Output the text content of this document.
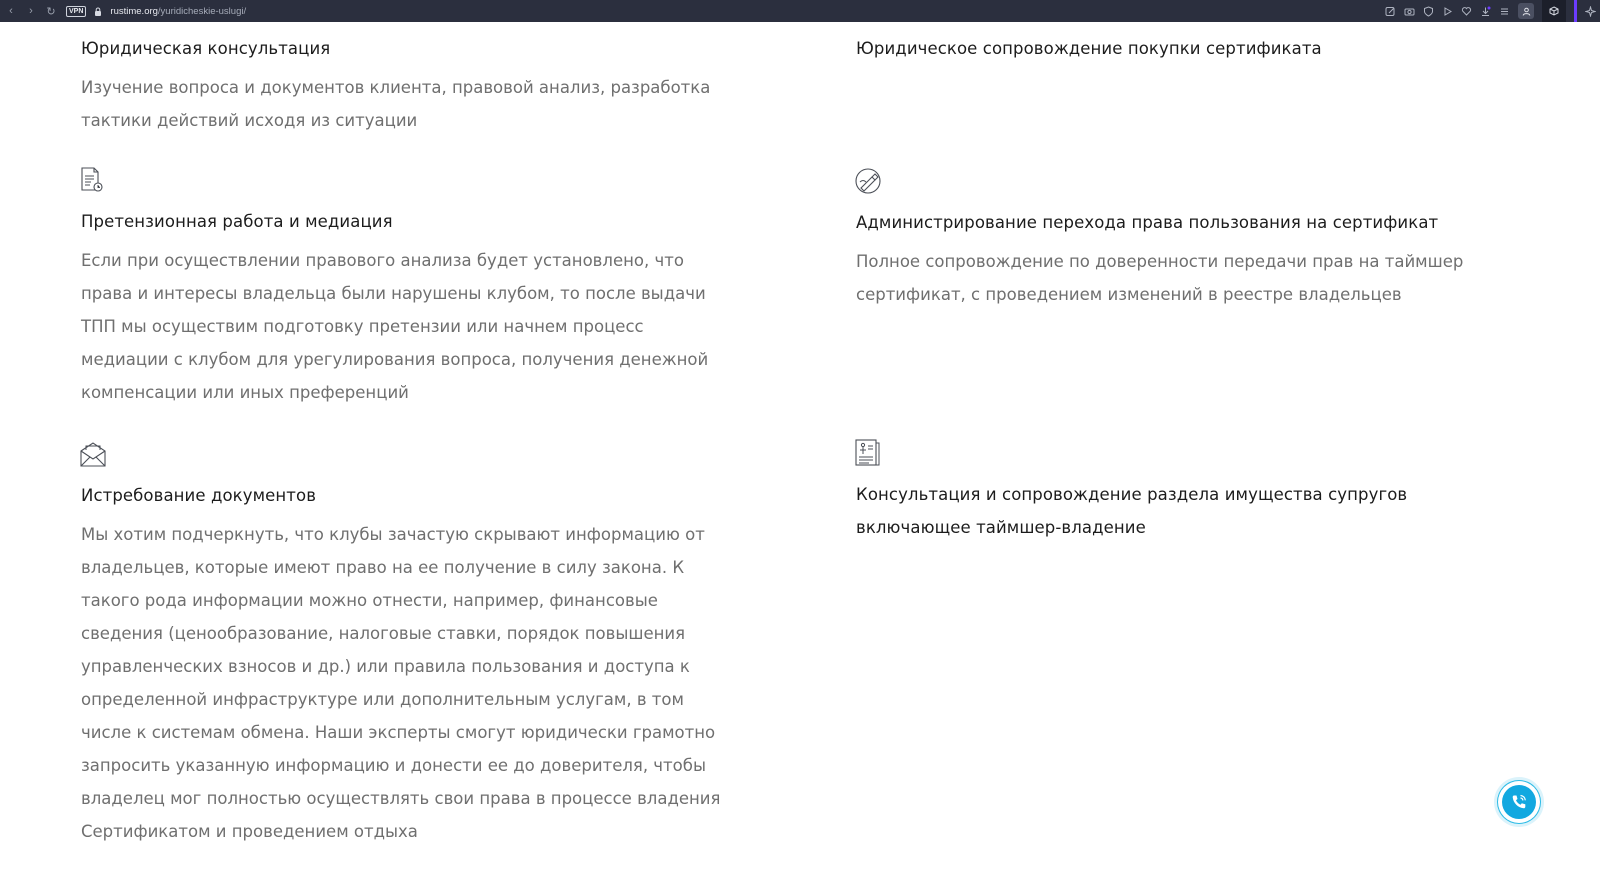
‹ › ↻	VPN	rustime.org/yuridicheskie-uslugi/
Юридическая консультация

Изучение вопроса и документов клиента, правовой анализ, разработка
тактики действий исходя из ситуации

Претензионная работа и медиация

Если при осуществлении правового анализа будет установлено, что
права и интересы владельца были нарушены клубом, то после выдачи
ТПП мы осуществим подготовку претензии или начнем процесс
медиации с клубом для урегулирования вопроса, получения денежной
компенсации или иных преференций

Истребование документов

Мы хотим подчеркнуть, что клубы зачастую скрывают информацию от
владельцев, которые имеют право на ее получение в силу закона. К
такого рода информации можно отнести, например, финансовые
сведения (ценообразование, налоговые ставки, порядок повышения
управленческих взносов и др.) или правила пользования и доступа к
определенной инфраструктуре или дополнительным услугам, в том
числе к системам обмена. Наши эксперты смогут юридически грамотно
запросить указанную информацию и донести ее до доверителя, чтобы
владелец мог полностью осуществлять свои права в процессе владения
Сертификатом и проведением отдыха

Юридическое сопровождение покупки сертификата
Администрирование перехода права пользования на сертификат

Полное сопровождение по доверенности передачи прав на таймшер
сертификат, с проведением изменений в реестре владельцев

Консультация и сопровождение раздела имущества супругов
включающее таймшер-владение
